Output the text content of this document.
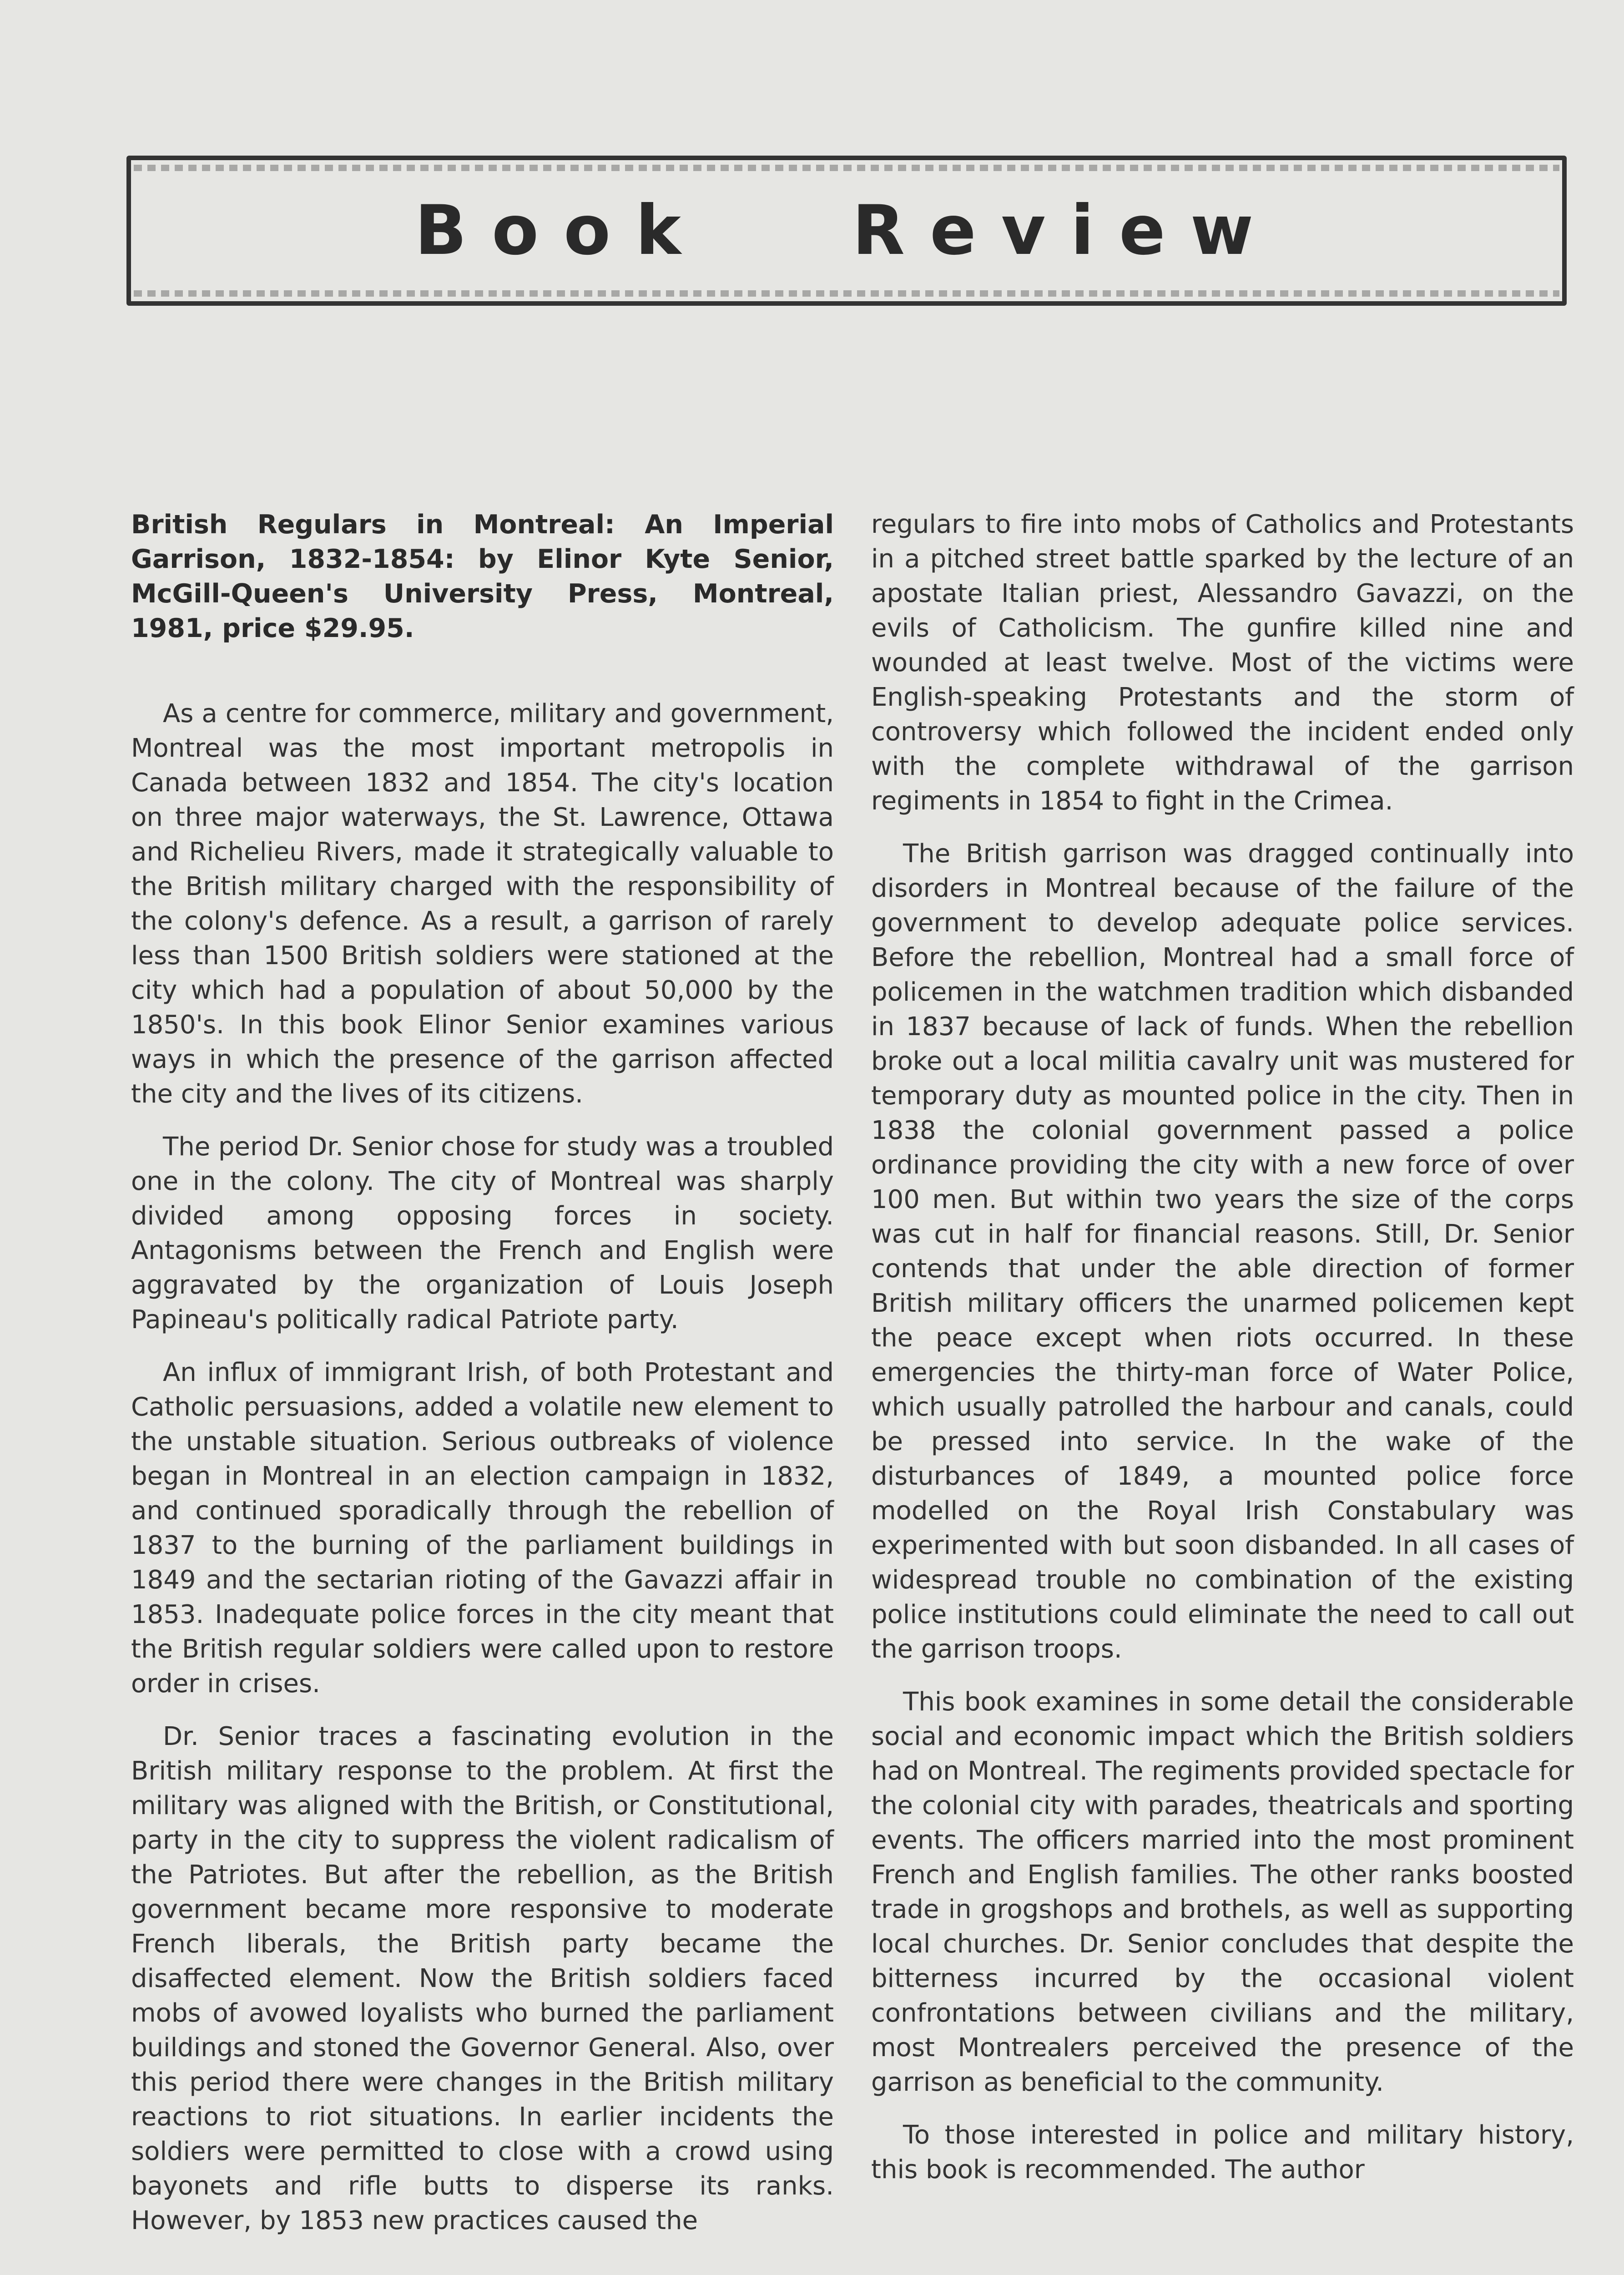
Book   Review

British Regulars in Montreal: An Imperial Garrison, 1832-1854: by Elinor Kyte Senior, McGill-Queen's University Press, Montreal, 1981, price $29.95.

As a centre for commerce, military and government, Montreal was the most important metropolis in Canada between 1832 and 1854. The city's location on three major waterways, the St. Lawrence, Ottawa and Richelieu Rivers, made it strategically valuable to the British military charged with the responsibility of the colony's defence. As a result, a garrison of rarely less than 1500 British soldiers were stationed at the city which had a population of about 50,000 by the 1850's. In this book Elinor Senior examines various ways in which the presence of the garrison affected the city and the lives of its citizens.

The period Dr. Senior chose for study was a troubled one in the colony. The city of Montreal was sharply divided among opposing forces in society. Antagonisms between the French and English were aggravated by the organization of Louis Joseph Papineau's politically radical Patriote party.

An influx of immigrant Irish, of both Protestant and Catholic persuasions, added a volatile new element to the unstable situation. Serious outbreaks of violence began in Montreal in an election campaign in 1832, and continued sporadically through the rebellion of 1837 to the burning of the parliament buildings in 1849 and the sectarian rioting of the Gavazzi affair in 1853. Inadequate police forces in the city meant that the British regular soldiers were called upon to restore order in crises.

Dr. Senior traces a fascinating evolution in the British military response to the problem. At first the military was aligned with the British, or Constitutional, party in the city to suppress the violent radicalism of the Patriotes. But after the rebellion, as the British government became more responsive to moderate French liberals, the British party became the disaffected element. Now the British soldiers faced mobs of avowed loyalists who burned the parliament buildings and stoned the Governor General. Also, over this period there were changes in the British military reactions to riot situations. In earlier incidents the soldiers were permitted to close with a crowd using bayonets and rifle butts to disperse its ranks. However, by 1853 new practices caused the

regulars to fire into mobs of Catholics and Protestants in a pitched street battle sparked by the lecture of an apostate Italian priest, Alessandro Gavazzi, on the evils of Catholicism. The gunfire killed nine and wounded at least twelve. Most of the victims were English-speaking Protestants and the storm of controversy which followed the incident ended only with the complete withdrawal of the garrison regiments in 1854 to fight in the Crimea.

The British garrison was dragged continually into disorders in Montreal because of the failure of the government to develop adequate police services. Before the rebellion, Montreal had a small force of policemen in the watchmen tradition which disbanded in 1837 because of lack of funds. When the rebellion broke out a local militia cavalry unit was mustered for temporary duty as mounted police in the city. Then in 1838 the colonial government passed a police ordinance providing the city with a new force of over 100 men. But within two years the size of the corps was cut in half for financial reasons. Still, Dr. Senior contends that under the able direction of former British military officers the unarmed policemen kept the peace except when riots occurred. In these emergencies the thirty-man force of Water Police, which usually patrolled the harbour and canals, could be pressed into service. In the wake of the disturbances of 1849, a mounted police force modelled on the Royal Irish Constabulary was experimented with but soon disbanded. In all cases of widespread trouble no combination of the existing police institutions could eliminate the need to call out the garrison troops.

This book examines in some detail the considerable social and economic impact which the British soldiers had on Montreal. The regiments provided spectacle for the colonial city with parades, theatricals and sporting events. The officers married into the most prominent French and English families. The other ranks boosted trade in grogshops and brothels, as well as supporting local churches. Dr. Senior concludes that despite the bitterness incurred by the occasional violent confrontations between civilians and the military, most Montrealers perceived the presence of the garrison as beneficial to the community.

To those interested in police and military history, this book is recommended. The author
